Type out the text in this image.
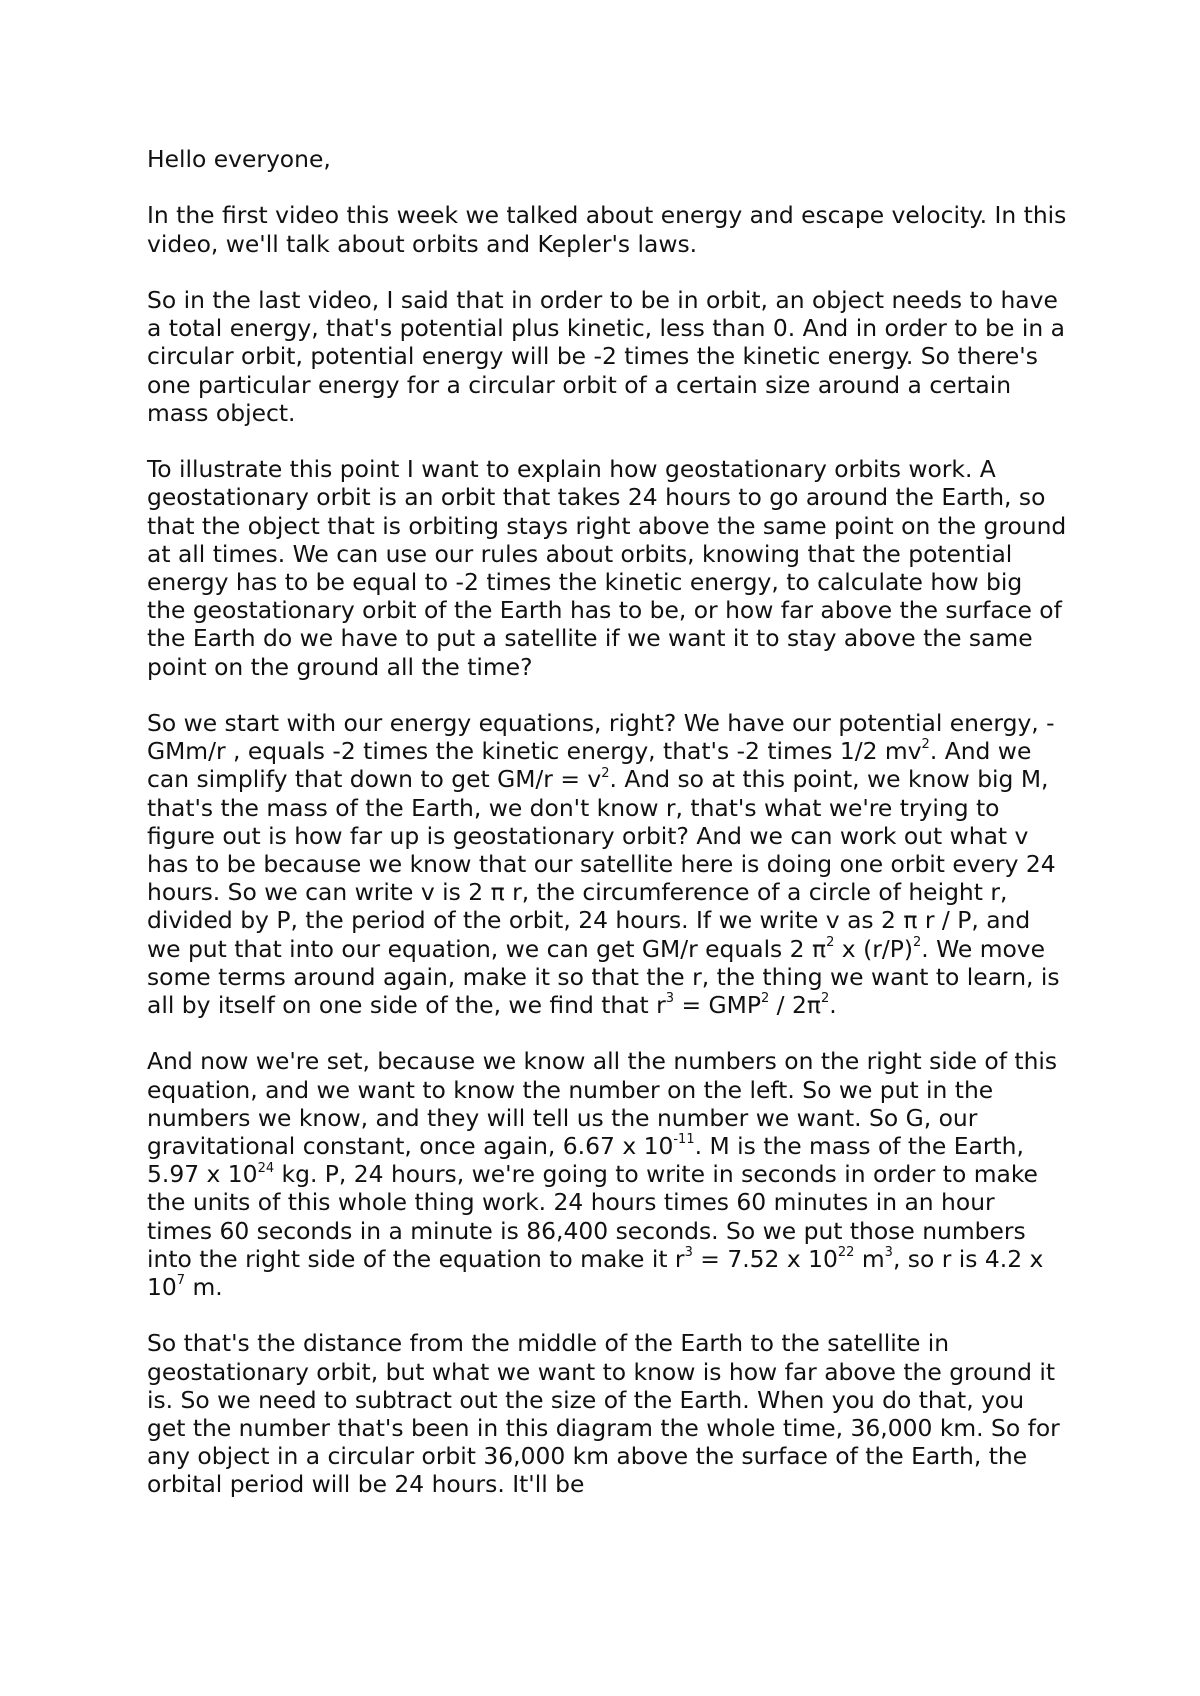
Hello everyone,

In the first video this week we talked about energy and escape velocity. In this video, we'll talk about orbits and Kepler's laws.

So in the last video, I said that in order to be in orbit, an object needs to have a total energy, that's potential plus kinetic, less than 0. And in order to be in a circular orbit, potential energy will be -2 times the kinetic energy. So there's one particular energy for a circular orbit of a certain size around a certain mass object.

To illustrate this point I want to explain how geostationary orbits work. A geostationary orbit is an orbit that takes 24 hours to go around the Earth, so that the object that is orbiting stays right above the same point on the ground at all times. We can use our rules about orbits, knowing that the potential energy has to be equal to -2 times the kinetic energy, to calculate how big the geostationary orbit of the Earth has to be, or how far above the surface of the Earth do we have to put a satellite if we want it to stay above the same point on the ground all the time?

So we start with our energy equations, right? We have our potential energy, -GMm/r , equals -2 times the kinetic energy, that's -2 times 1/2 $mv^2$. And we can simplify that down to get $GM/r = v^2$. And so at this point, we know big M, that's the mass of the Earth, we don't know r, that's what we're trying to figure out is how far up is geostationary orbit? And we can work out what v has to be because we know that our satellite here is doing one orbit every 24 hours. So we can write v is 2 π r, the circumference of a circle of height r, divided by P, the period of the orbit, 24 hours. If we write v as 2 π r / P, and we put that into our equation, we can get GM/r equals 2 $\pi^2$ x $(r/P)^2$. We move some terms around again, make it so that the r, the thing we want to learn, is all by itself on one side of the, we find that $r^3 = GMP^2 / 2\pi^2$.

And now we're set, because we know all the numbers on the right side of this equation, and we want to know the number on the left. So we put in the numbers we know, and they will tell us the number we want. So G, our gravitational constant, once again, 6.67 x $10^{-11}$. M is the mass of the Earth, 5.97 x $10^{24}$ kg. P, 24 hours, we're going to write in seconds in order to make the units of this whole thing work. 24 hours times 60 minutes in an hour times 60 seconds in a minute is 86,400 seconds. So we put those numbers into the right side of the equation to make it $r^3 = 7.52$ x $10^{22}$ $m^3$, so r is 4.2 x $10^7$ m.

So that's the distance from the middle of the Earth to the satellite in geostationary orbit, but what we want to know is how far above the ground it is. So we need to subtract out the size of the Earth. When you do that, you get the number that's been in this diagram the whole time, 36,000 km. So for any object in a circular orbit 36,000 km above the surface of the Earth, the orbital period will be 24 hours. It'll be
